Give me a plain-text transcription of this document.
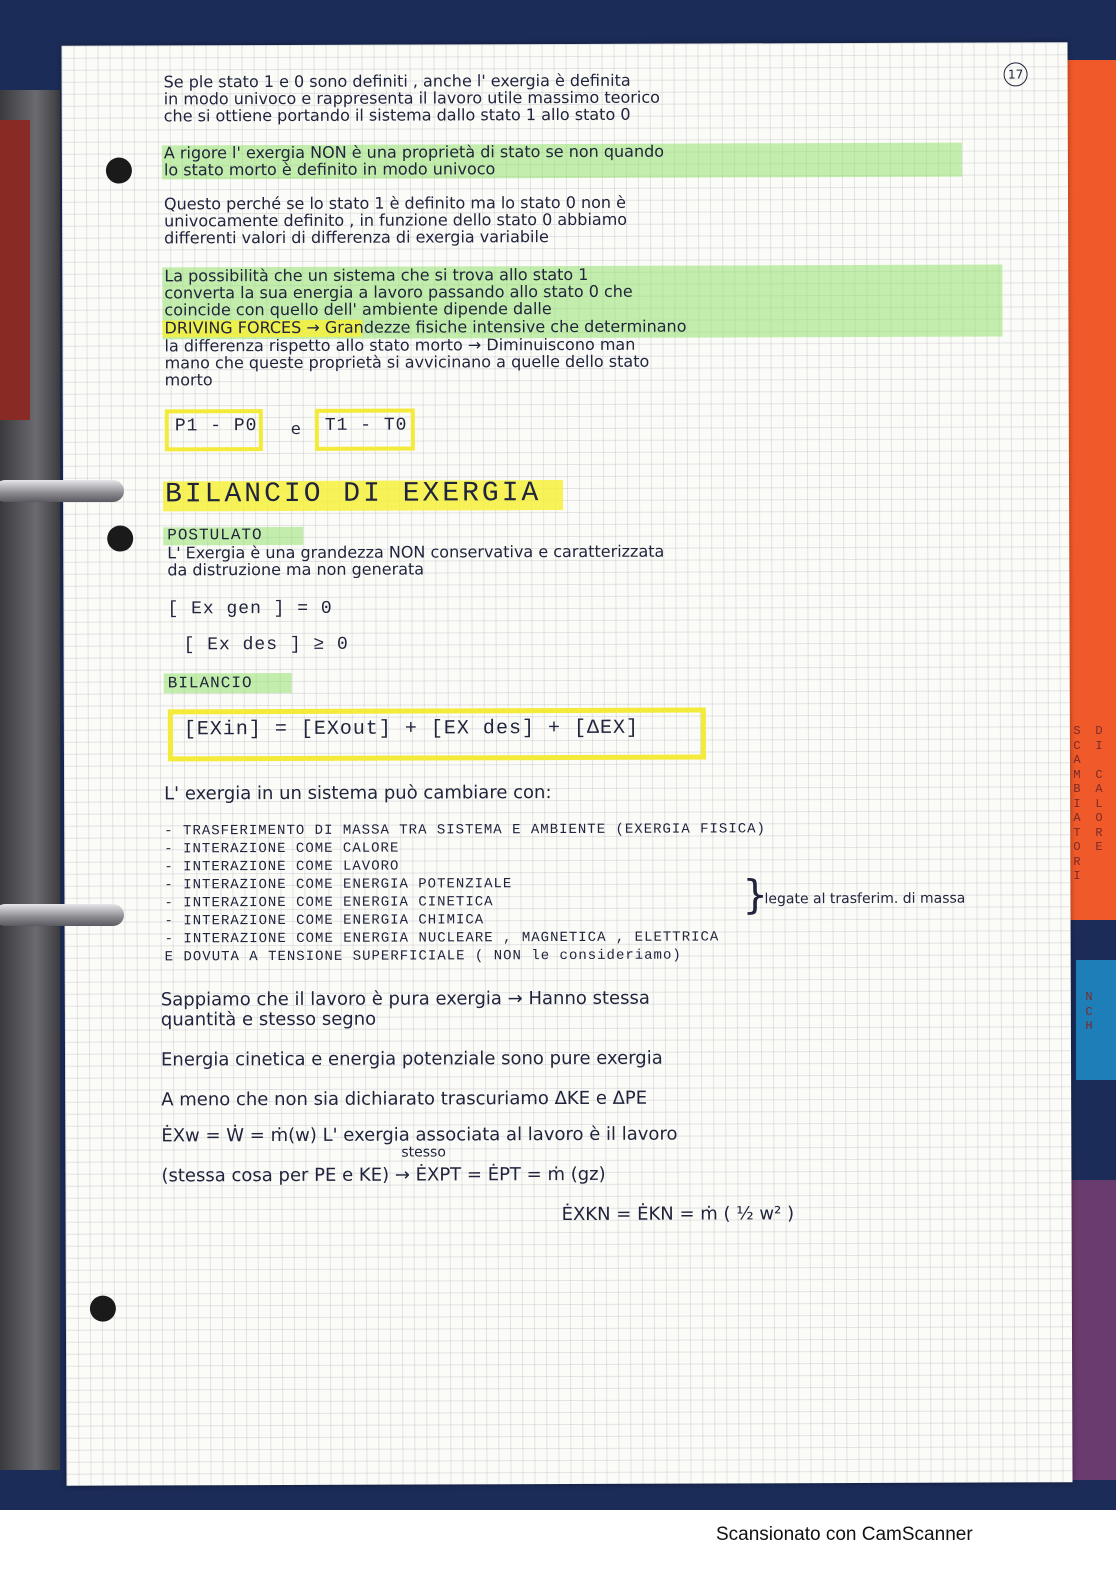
D
I

C
A
L
O
R
E
S
C
A
M
B
I
A
T
O
R
I
N
C
H
17
Se ple stato 1 e 0 sono definiti , anche l' exergia è definita
in modo univoco e rappresenta il lavoro utile massimo teorico
che si ottiene portando il sistema dallo stato 1 allo stato 0
A rigore l' exergia NON è una proprietà di stato se non quando
lo stato morto è definito in modo univoco
Questo perché se lo stato 1 è definito ma lo stato 0 non è
univocamente definito , in funzione dello stato 0 abbiamo
differenti valori di differenza di exergia variabile
La possibilità che un sistema che si trova allo stato 1
converta la sua energia a lavoro passando allo stato 0 che
coincide con quello dell' ambiente dipende dalle
DRIVING FORCES → Grandezze fisiche intensive che determinano
la differenza rispetto allo stato morto → Diminuiscono man
mano che queste proprietà si avvicinano a quelle dello stato
morto
P1 - P0 e T1 - T0
BILANCIO DI EXERGIA
POSTULATO
L' Exergia è una grandezza NON conservativa e caratterizzata
da distruzione ma non generata
[ Ex gen ] = 0
[ Ex des ] ≥ 0
BILANCIO
[EXin] = [EXout] + [EX des] + [ΔEX]
L' exergia in un sistema può cambiare con:
- TRASFERIMENTO DI MASSA TRA SISTEMA E AMBIENTE (EXERGIA FISICA)
- INTERAZIONE COME CALORE
- INTERAZIONE COME LAVORO
- INTERAZIONE COME ENERGIA POTENZIALE
- INTERAZIONE COME ENERGIA CINETICA
- INTERAZIONE COME ENERGIA CHIMICA
- INTERAZIONE COME ENERGIA NUCLEARE , MAGNETICA , ELETTRICA
E DOVUTA A TENSIONE SUPERFICIALE ( NON le consideriamo)
}
legate al trasferim. di massa
Sappiamo che il lavoro è pura exergia → Hanno stessa
quantità e stesso segno
Energia cinetica e energia potenziale sono pure exergia
A meno che non sia dichiarato trascuriamo ΔKE e ΔPE
ĖXw = Ẇ = ṁ(w) L' exergia associata al lavoro è il lavoro
stesso
(stessa cosa per PE e KE) → ĖXPT = ĖPT = ṁ (gz)
ĖXKN = ĖKN = ṁ ( ½ w² )
Scansionato con CamScanner
